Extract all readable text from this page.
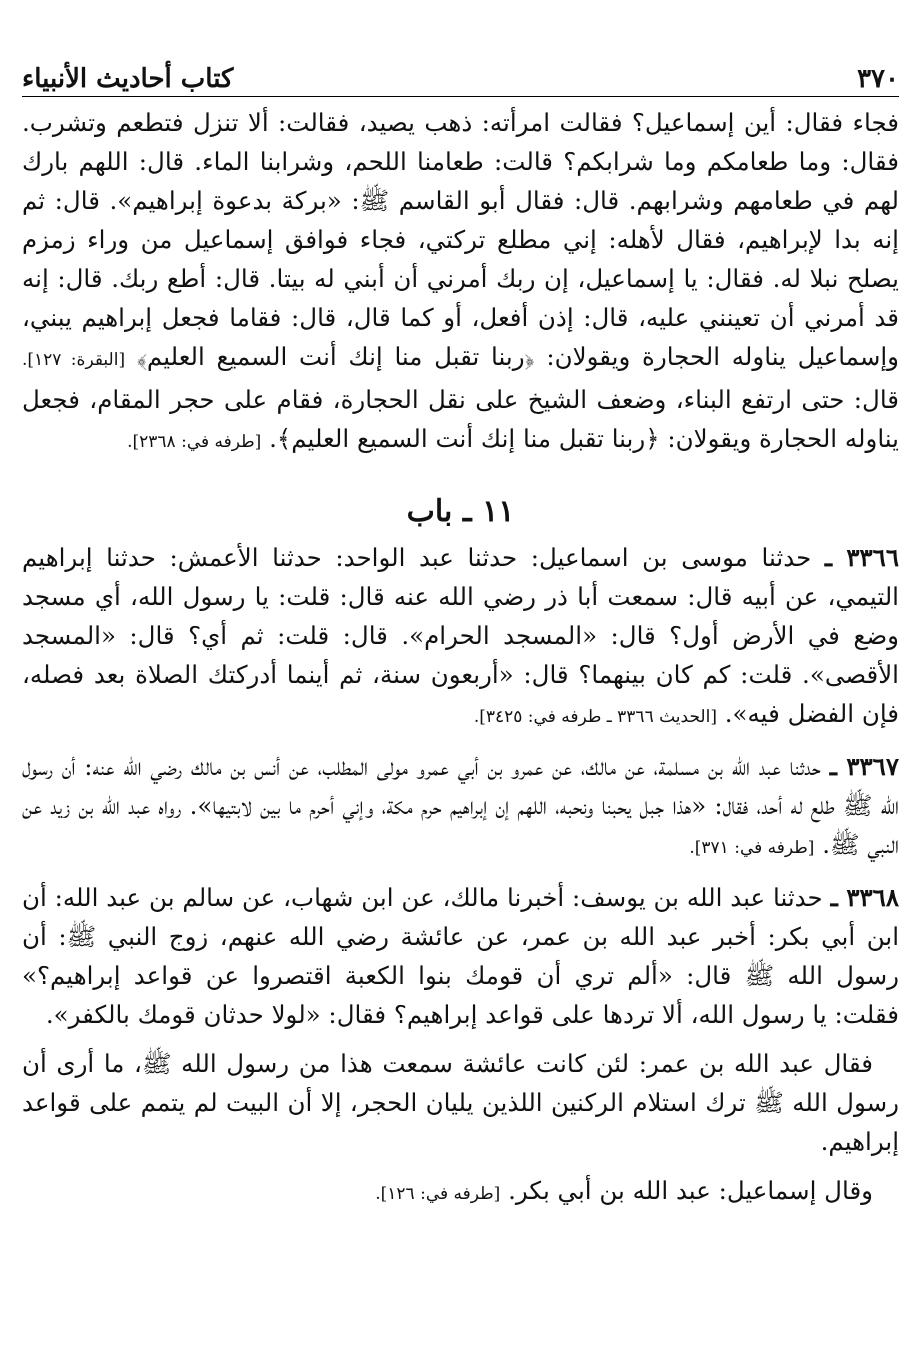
٣٧٠
كتاب أحاديث الأنبياء

فجاء فقال: أين إسماعيل؟ فقالت امرأته: ذهب يصيد، فقالت: ألا تنزل فتطعم وتشرب. فقال: وما طعامكم وما شرابكم؟ قالت: طعامنا اللحم، وشرابنا الماء. قال: اللهم بارك لهم في طعامهم وشرابهم. قال: فقال أبو القاسم ﷺ: «بركة بدعوة إبراهيم». قال: ثم إنه بدا لإبراهيم، فقال لأهله: إني مطلع تركتي، فجاء فوافق إسماعيل من وراء زمزم يصلح نبلا له. فقال: يا إسماعيل، إن ربك أمرني أن أبني له بيتا. قال: أطع ربك. قال: إنه قد أمرني أن تعينني عليه، قال: إذن أفعل، أو كما قال، قال: فقاما فجعل إبراهيم يبني، وإسماعيل يناوله الحجارة ويقولان: ﴿ربنا تقبل منا إنك أنت السميع العليم﴾ [البقرة: ١٢٧]. قال: حتى ارتفع البناء، وضعف الشيخ على نقل الحجارة، فقام على حجر المقام، فجعل يناوله الحجارة ويقولان: ﴿ربنا تقبل منا إنك أنت السميع العليم﴾. [طرفه في: ٢٣٦٨].

١١ ـ باب

٣٣٦٦ ـ حدثنا موسى بن اسماعيل: حدثنا عبد الواحد: حدثنا الأعمش: حدثنا إبراهيم التيمي، عن أبيه قال: سمعت أبا ذر رضي الله عنه قال: قلت: يا رسول الله، أي مسجد وضع في الأرض أول؟ قال: «المسجد الحرام». قال: قلت: ثم أي؟ قال: «المسجد الأقصى». قلت: كم كان بينهما؟ قال: «أربعون سنة، ثم أينما أدركتك الصلاة بعد فصله، فإن الفضل فيه». [الحديث ٣٣٦٦ ـ طرفه في: ٣٤٢٥].

٣٣٦٧ ـ حدثنا عبد الله بن مسلمة، عن مالك، عن عمرو بن أبي عمرو مولى المطلب، عن أنس بن مالك رضي الله عنه: أن رسول الله ﷺ طلع له أحد، فقال: «هذا جبل يحبنا ونحبه، اللهم إن إبراهيم حرم مكة، وإني أحرم ما بين لابتيها». رواه عبد الله بن زيد عن النبي ﷺ. [طرفه في: ٣٧١].

٣٣٦٨ ـ حدثنا عبد الله بن يوسف: أخبرنا مالك، عن ابن شهاب، عن سالم بن عبد الله: أن ابن أبي بكر: أخبر عبد الله بن عمر، عن عائشة رضي الله عنهم، زوج النبي ﷺ: أن رسول الله ﷺ قال: «ألم تري أن قومك بنوا الكعبة اقتصروا عن قواعد إبراهيم؟» فقلت: يا رسول الله، ألا تردها على قواعد إبراهيم؟ فقال: «لولا حدثان قومك بالكفر».

فقال عبد الله بن عمر: لئن كانت عائشة سمعت هذا من رسول الله ﷺ، ما أرى أن رسول الله ﷺ ترك استلام الركنين اللذين يليان الحجر، إلا أن البيت لم يتمم على قواعد إبراهيم.

وقال إسماعيل: عبد الله بن أبي بكر. [طرفه في: ١٢٦].
